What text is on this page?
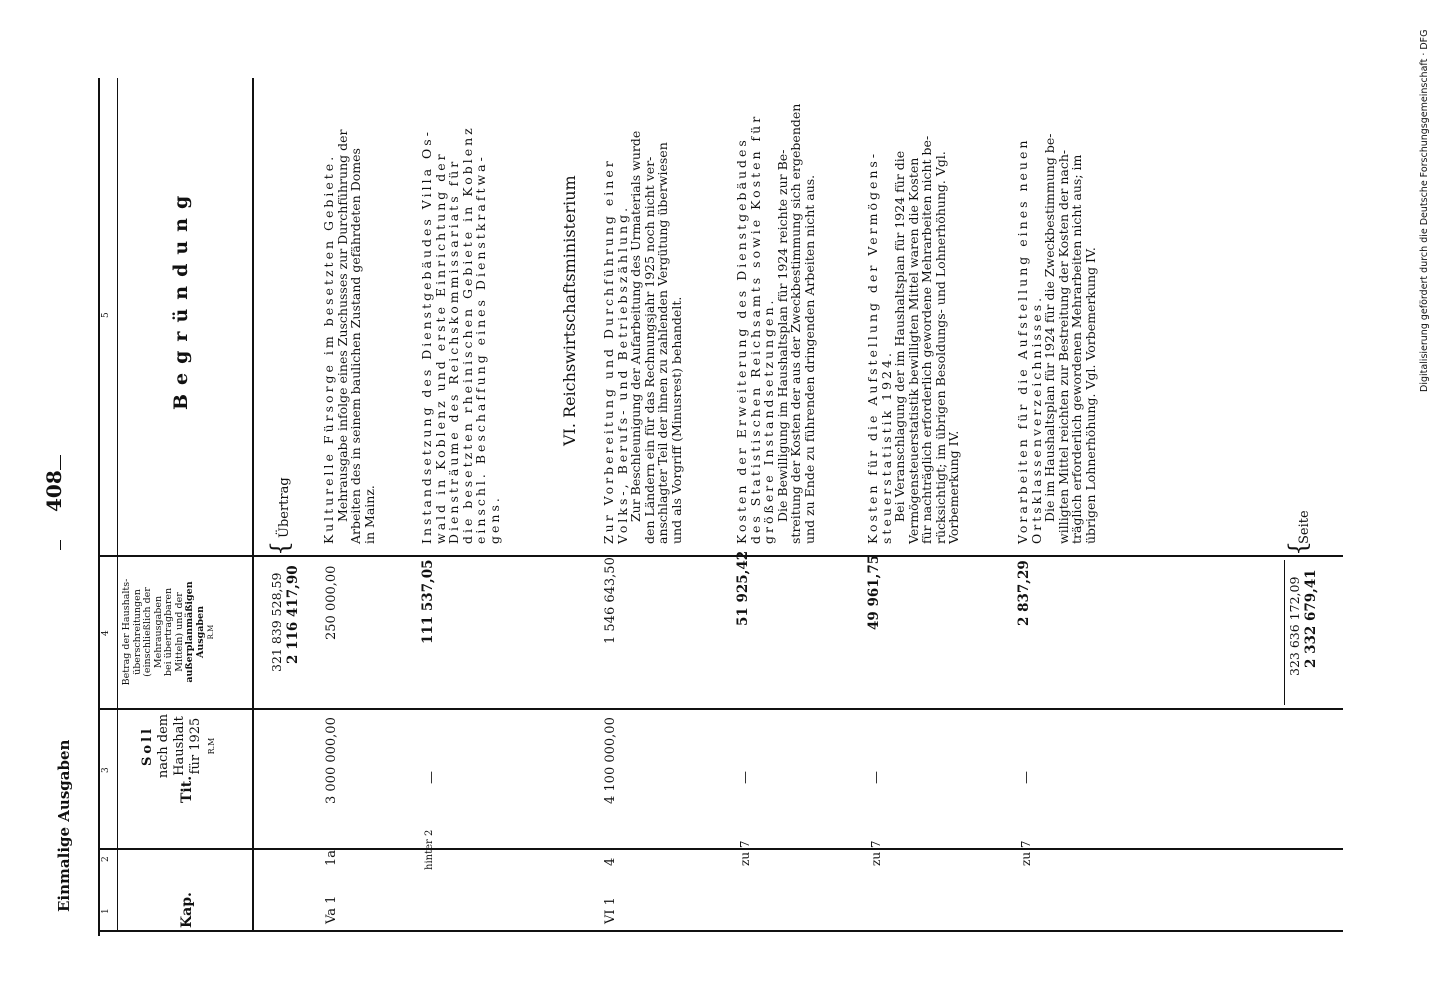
Einmalige Ausgaben
408
1
2
3
4
5
Kap.
Tit.
Soll nach dem Haushalt für 1925 R.M
Betrag der Haushalts- überschreitungen (einschließlich der Mehrausgaben bei übertragbaren Mitteln) und der außerplanmäßigen Ausgaben R.M
Begründung
321 839 528,59 2 116 417,90
{
Übertrag
Va 1
1a
3 000 000,00
250 000,00
Kulturelle Fürsorge im besetzten Gebiete.
Mehrausgabe infolge eines Zuschusses zur Durchführung der
Arbeiten des in seinem baulichen Zustand gefährdeten Domes
in Mainz.
hinter 2
—
111 537,05
Instandsetzung des Dienstgebäudes Villa Os-
wald in Koblenz und erste Einrichtung der
Diensträume des Reichskommissariats für
die besetzten rheinischen Gebiete in Koblenz
einschl. Beschaffung eines Dienstkraftwa-
gens.
VI. Reichswirtschaftsministerium
VI 1
4
4 100 000,00
1 546 643,50
Zur Vorbereitung und Durchführung einer
Volks-, Berufs- und Betriebszählung.
Zur Beschleunigung der Aufarbeitung des Urmaterials wurde
den Ländern ein für das Rechnungsjahr 1925 noch nicht ver-
anschlagter Teil der ihnen zu zahlenden Vergütung überwiesen
und als Vorgriff (Minusrest) behandelt.
zu 7
—
51 925,42
Kosten der Erweiterung des Dienstgebäudes
des Statistischen Reichsamts sowie Kosten für
größere Instandsetzungen.
Die Bewilligung im Haushaltsplan für 1924 reichte zur Be-
streitung der Kosten der aus der Zweckbestimmung sich ergebenden
und zu Ende zu führenden dringenden Arbeiten nicht aus.
zu 7
—
49 961,75
Kosten für die Aufstellung der Vermögens-
steuerstatistik 1924.
Bei Veranschlagung der im Haushaltsplan für 1924 für die
Vermögensteuerstatistik bewilligten Mittel waren die Kosten
für nachträglich erforderlich gewordene Mehrarbeiten nicht be-
rücksichtigt; im übrigen Besoldungs- und Lohnerhöhung. Vgl.
Vorbemerkung IV.
zu 7
—
2 837,29
Vorarbeiten für die Aufstellung eines neuen
Ortsklassenverzeichnisses.
Die im Haushaltsplan für 1924 für die Zweckbestimmung be-
willigten Mittel reichten zur Bestreitung der Kosten der nach-
träglich erforderlich gewordenen Mehrarbeiten nicht aus; im
übrigen Lohnerhöhung. Vgl. Vorbemerkung IV.
323 636 172,09 2 332 679,41
{
Seite
Digitalisierung gefördert durch die Deutsche Forschungsgemeinschaft · DFG
